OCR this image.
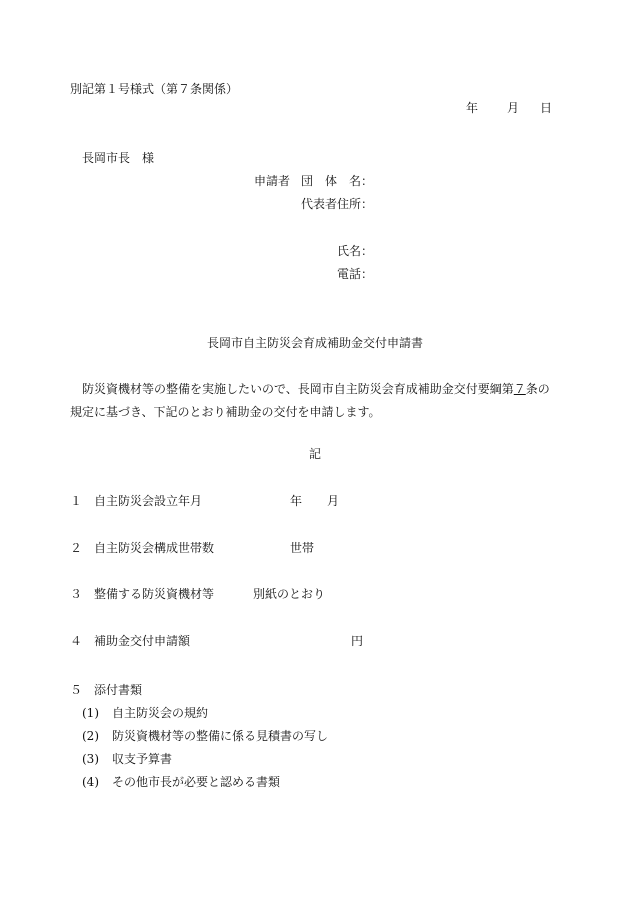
別記第１号様式（第７条関係）
年 月 日
長岡市長　様
申請者 団　体　名：
代表者住所：
氏名：
電話：
長岡市自主防災会育成補助金交付申請書
防災資機材等の整備を実施したいので、長岡市自主防災会育成補助金交付要綱第７条の
規定に基づき、下記のとおり補助金の交付を申請します。
記
１ 自主防災会設立年月	年 月
２ 自主防災会構成世帯数	世帯
３ 整備する防災資機材等	別紙のとおり
４ 補助金交付申請額	円
５ 添付書類
(1) 自主防災会の規約
(2) 防災資機材等の整備に係る見積書の写し
(3) 収支予算書
(4) その他市長が必要と認める書類
